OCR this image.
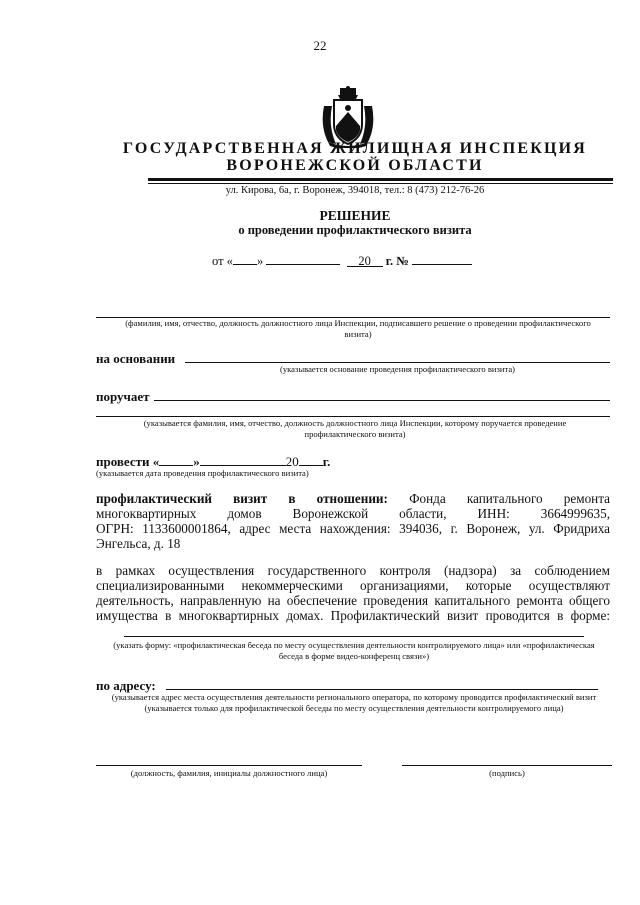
22
ГОСУДАРСТВЕННАЯ ЖИЛИЩНАЯ ИНСПЕКЦИЯ
ВОРОНЕЖСКОЙ ОБЛАСТИ
ул. Кирова, 6а, г. Воронеж, 394018, тел.: 8 (473) 212-76-26
РЕШЕНИЕ
о проведении профилактического визита
от « »	20 г. №
(фамилия, имя, отчество, должность должностного лица Инспекции, подписавшего решение о проведении профилактического визита)
на основании
(указывается основание проведения профилактического визита)
поручает
(указывается фамилия, имя, отчество, должность должностного лица Инспекции, которому поручается проведение профилактического визита)
провести «	»	20 г.
(указывается дата проведения профилактического визита)
профилактический визит в отношении: Фонда капитального ремонта
многоквартирных домов Воронежской области, ИНН: 3664999635,
ОГРН: 1133600001864, адрес места нахождения: 394036, г. Воронеж, ул. Фридриха
Энгельса, д. 18
в рамках осуществления государственного контроля (надзора) за соблюдением
специализированными некоммерческими организациями, которые осуществляют
деятельность, направленную на обеспечение проведения капитального ремонта общего
имущества в многоквартирных домах. Профилактический визит проводится в форме:
(указать форму: «профилактическая беседа по месту осуществления деятельности контролируемого лица» или «профилактическая беседа в форме видео-конференц связи»)
по адресу:
(указывается адрес места осуществления деятельности регионального оператора, по которому проводится профилактический визит (указывается только для профилактической беседы по месту осуществления деятельности контролируемого лица)
(должность, фамилия, инициалы должностного лица)	(подпись)
